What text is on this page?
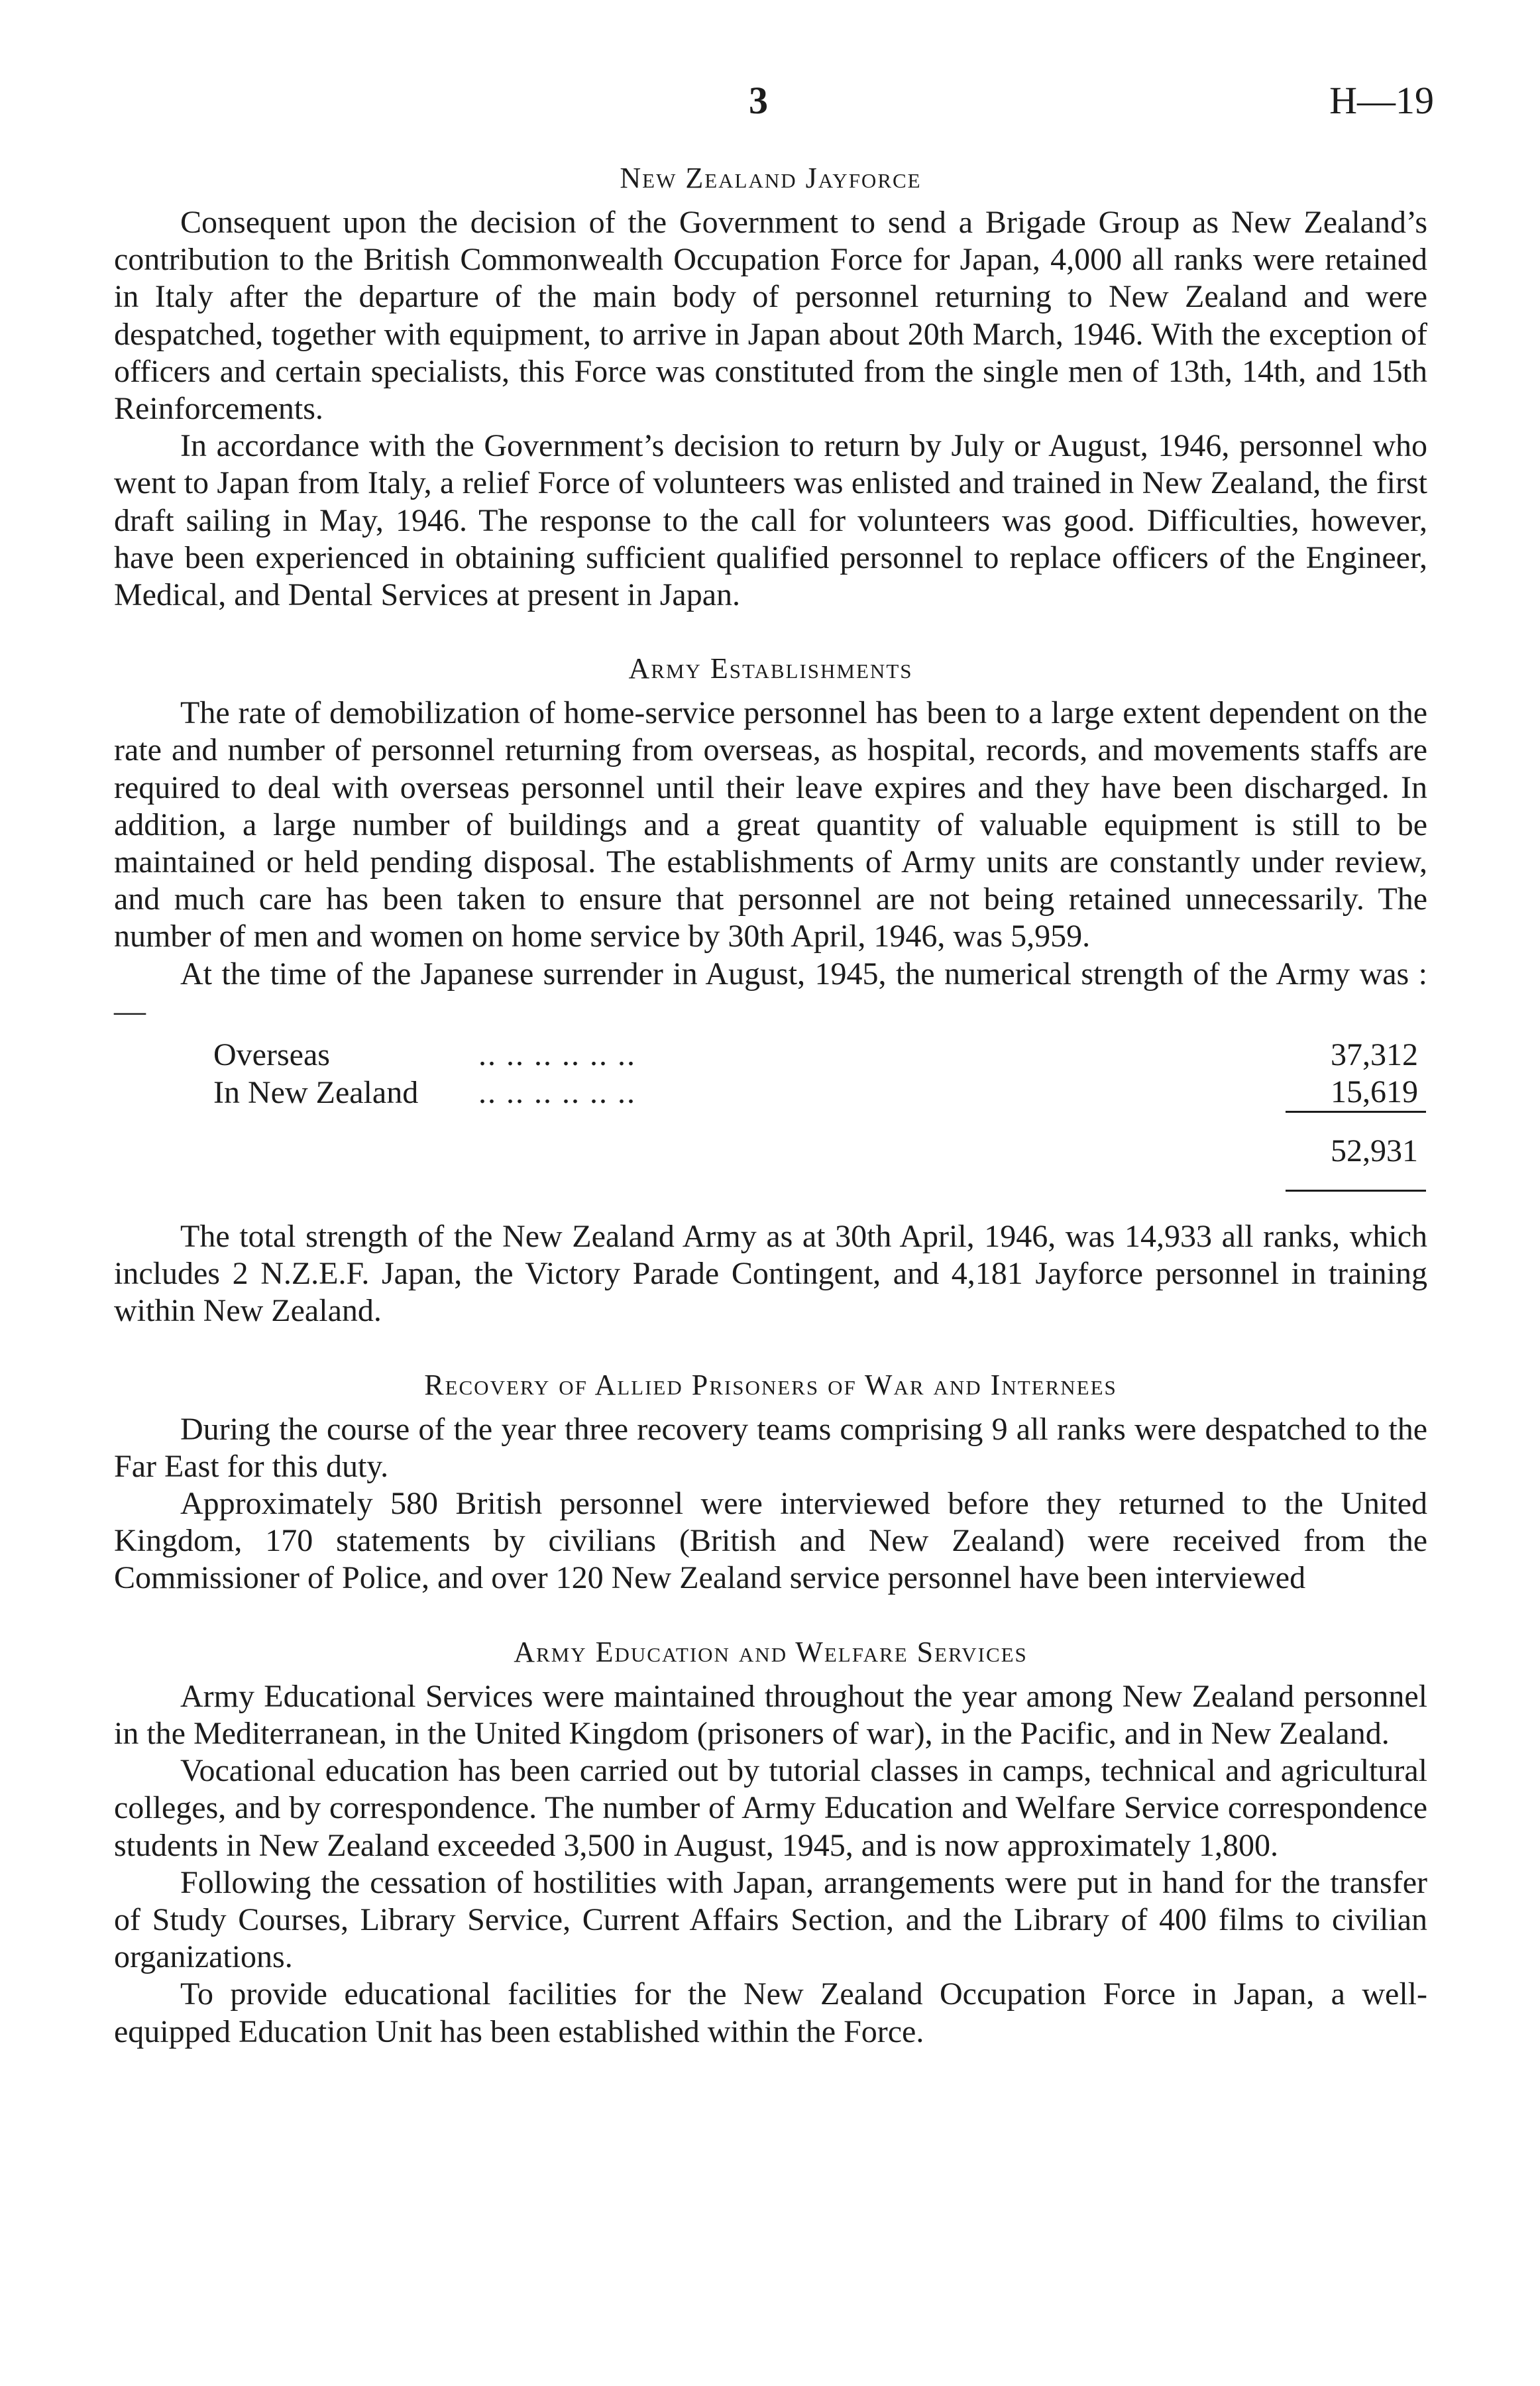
3	H—19
New Zealand Jayforce

Consequent upon the decision of the Government to send a Brigade Group as New Zealand’s contribution to the British Commonwealth Occupation Force for Japan, 4,000 all ranks were retained in Italy after the departure of the main body of personnel returning to New Zealand and were despatched, together with equipment, to arrive in Japan about 20th March, 1946. With the exception of officers and certain specialists, this Force was constituted from the single men of 13th, 14th, and 15th Reinforcements.

In accordance with the Government’s decision to return by July or August, 1946, personnel who went to Japan from Italy, a relief Force of volunteers was enlisted and trained in New Zealand, the first draft sailing in May, 1946. The response to the call for volunteers was good. Difficulties, however, have been experienced in obtaining sufficient qualified personnel to replace officers of the Engineer, Medical, and Dental Services at present in Japan.

Army Establishments

The rate of demobilization of home-service personnel has been to a large extent dependent on the rate and number of personnel returning from overseas, as hospital, records, and movements staffs are required to deal with overseas personnel until their leave expires and they have been discharged. In addition, a large number of buildings and a great quantity of valuable equipment is still to be maintained or held pending disposal. The establishments of Army units are constantly under review, and much care has been taken to ensure that personnel are not being retained unnecessarily. The number of men and women on home service by 30th April, 1946, was 5,959.

At the time of the Japanese surrender in August, 1945, the numerical strength of the Army was :—

Overseas	.. .. .. .. .. ..	37,312
In New Zealand	.. .. .. .. .. ..	15,619
		52,931

The total strength of the New Zealand Army as at 30th April, 1946, was 14,933 all ranks, which includes 2 N.Z.E.F. Japan, the Victory Parade Contingent, and 4,181 Jayforce personnel in training within New Zealand.

Recovery of Allied Prisoners of War and Internees

During the course of the year three recovery teams comprising 9 all ranks were despatched to the Far East for this duty.

Approximately 580 British personnel were interviewed before they returned to the United Kingdom, 170 statements by civilians (British and New Zealand) were received from the Commissioner of Police, and over 120 New Zealand service personnel have been interviewed

Army Education and Welfare Services

Army Educational Services were maintained throughout the year among New Zealand personnel in the Mediterranean, in the United Kingdom (prisoners of war), in the Pacific, and in New Zealand.

Vocational education has been carried out by tutorial classes in camps, technical and agricultural colleges, and by correspondence. The number of Army Education and Welfare Service correspondence students in New Zealand exceeded 3,500 in August, 1945, and is now approximately 1,800.

Following the cessation of hostilities with Japan, arrangements were put in hand for the transfer of Study Courses, Library Service, Current Affairs Section, and the Library of 400 films to civilian organizations.

To provide educational facilities for the New Zealand Occupation Force in Japan, a well-equipped Education Unit has been established within the Force.
